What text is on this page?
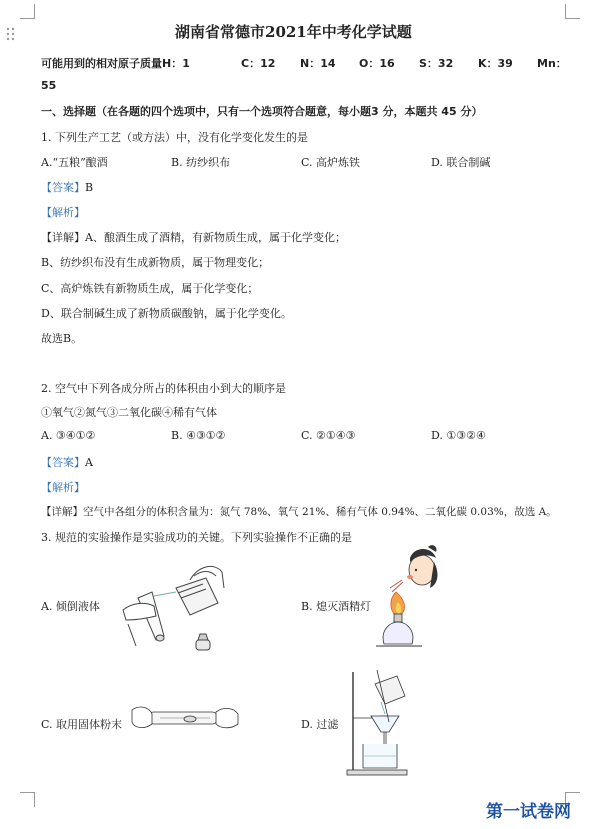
湖南省常德市2021年中考化学试题
可能用到的相对原子质量H：1	C：12 N：14 O：16 S：32 K：39 Mn：
55
一、选择题（在各题的四个选项中，只有一个选项符合题意，每小题3 分，本题共 45 分）
1. 下列生产工艺（或方法）中，没有化学变化发生的是
A.“五粮”酿酒	B. 纺纱织布	C. 高炉炼铁	D. 联合制碱
【答案】B
【解析】
【详解】A、酿酒生成了酒精，有新物质生成，属于化学变化；
B、纺纱织布没有生成新物质，属于物理变化；
C、高炉炼铁有新物质生成，属于化学变化；
D、联合制碱生成了新物质碳酸钠，属于化学变化。
故选B。
2. 空气中下列各成分所占的体积由小到大的顺序是
①氧气②氮气③二氧化碳④稀有气体
A. ③④①②	B. ④③①②	C. ②①④③	D. ①③②④
【答案】A
【解析】
【详解】空气中各组分的体积含量为：氮气 78%、氧气 21%、稀有气体 0.94%、二氧化碳 0.03%，故选 A。
3. 规范的实验操作是实验成功的关键。下列实验操作不正确的是
A. 倾倒液体	B. 熄灭酒精灯
C. 取用固体粉末	D. 过滤
第一试卷网
